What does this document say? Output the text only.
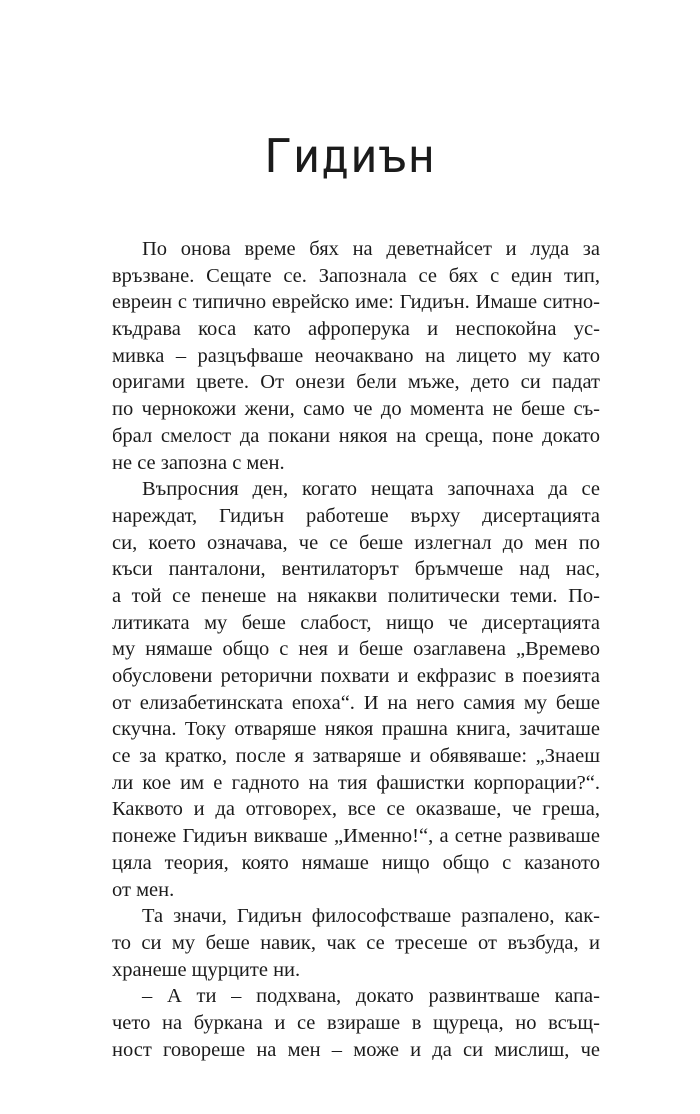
Гидиън
По онова време бях на деветнайсет и луда за
връзване. Сещате се. Запознала се бях с един тип,
евреин с типично еврейско име: Гидиън. Имаше ситно-
къдрава коса като афроперука и неспокойна ус-
мивка – разцъфваше неочаквано на лицето му като
оригами цвете. От онези бели мъже, дето си падат
по чернокожи жени, само че до момента не беше съ-
брал смелост да покани някоя на среща, поне докато
не се запозна с мен.
Въпросния ден, когато нещата започнаха да се
нареждат, Гидиън работеше върху дисертацията
си, което означава, че се беше излегнал до мен по
къси панталони, вентилаторът бръмчеше над нас,
а той се пенеше на някакви политически теми. По-
литиката му беше слабост, нищо че дисертацията
му нямаше общо с нея и беше озаглавена „Времево
обусловени реторични похвати и екфразис в поезията
от елизабетинската епоха“. И на него самия му беше
скучна. Току отваряше някоя прашна книга, зачиташе
се за кратко, после я затваряше и обявяваше: „Знаеш
ли кое им е гадното на тия фашистки корпорации?“.
Каквото и да отговорех, все се оказваше, че греша,
понеже Гидиън викваше „Именно!“, а сетне развиваше
цяла теория, която нямаше нищо общо с казаното
от мен.
Та значи, Гидиън философстваше разпалено, как-
то си му беше навик, чак се тресеше от възбуда, и
хранеше щурците ни.
– А ти – подхвана, докато развинтваше капа-
чето на буркана и се взираше в щуреца, но всъщ-
ност говореше на мен – може и да си мислиш, че
